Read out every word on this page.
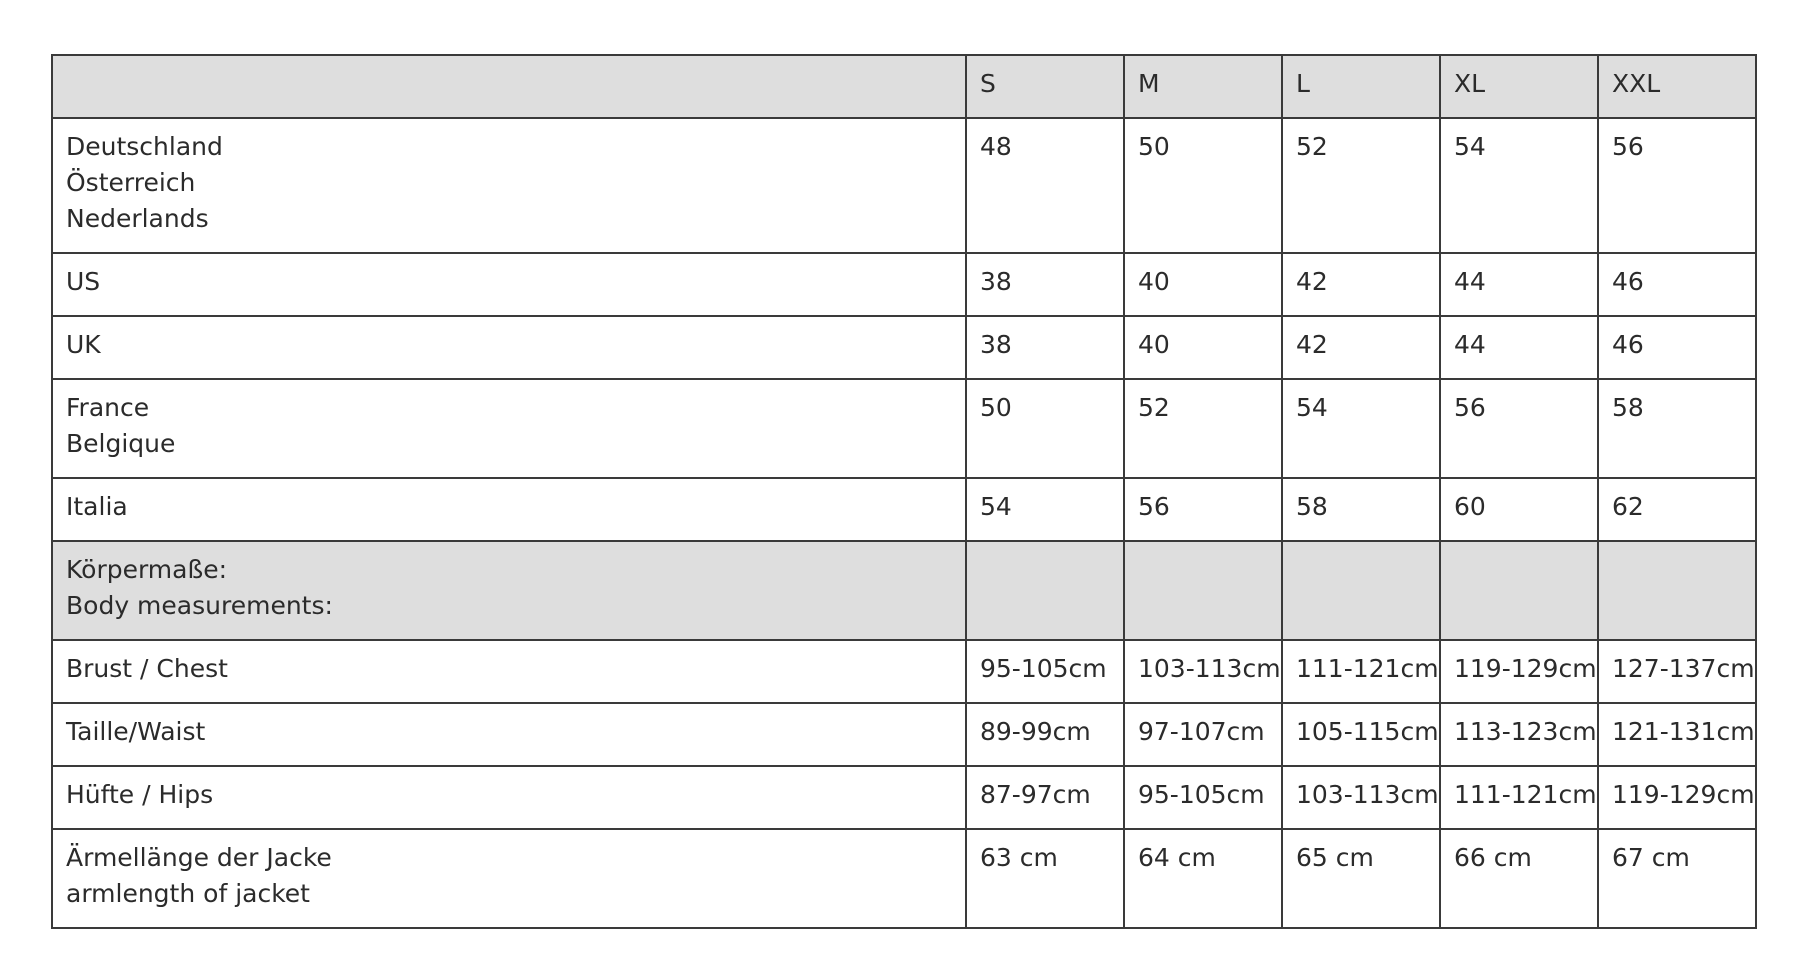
	S	M	L	XL	XXL

Deutschland
Österreich
Nederlands	48	50	52	54	56

US	38	40	42	44	46

UK	38	40	42	44	46

France
Belgique	50	52	54	56	58

Italia	54	56	58	60	62

Körpermaße:
Body measurements:					

Brust / Chest	95-105cm	103-113cm	111-121cm	119-129cm	127-137cm

Taille/Waist	89-99cm	97-107cm	105-115cm	113-123cm	121-131cm

Hüfte / Hips	87-97cm	95-105cm	103-113cm	111-121cm	119-129cm

Ärmellänge der Jacke
armlength of jacket	63 cm	64 cm	65 cm	66 cm	67 cm
